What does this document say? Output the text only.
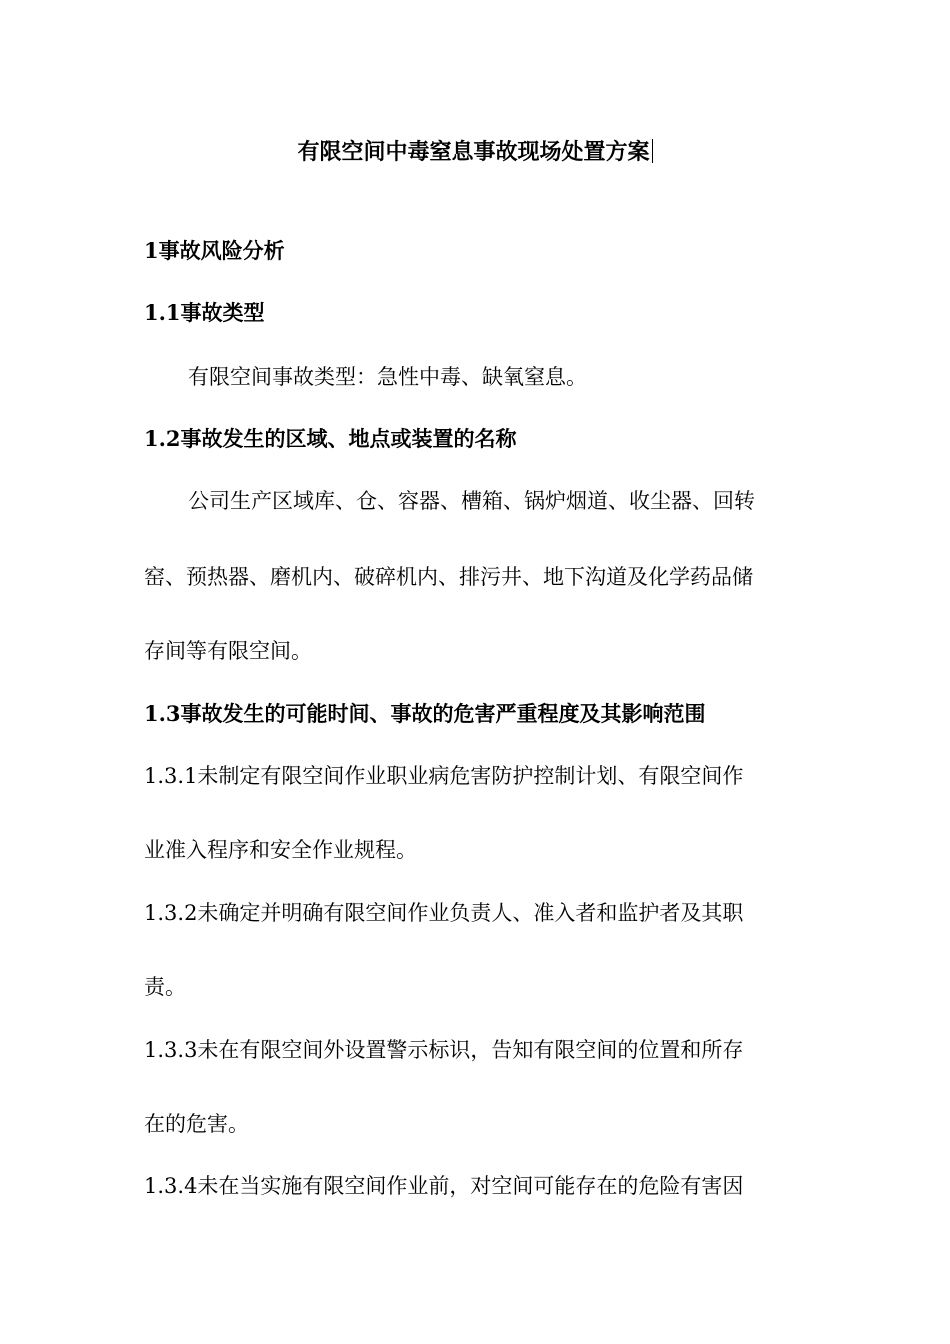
有限空间中毒窒息事故现场处置方案
1事故风险分析
1.1事故类型
有限空间事故类型：急性中毒、缺氧窒息。
1.2事故发生的区域、地点或装置的名称
公司生产区域库、仓、容器、槽箱、锅炉烟道、收尘器、回转
窑、预热器、磨机内、破碎机内、排污井、地下沟道及化学药品储
存间等有限空间。
1.3事故发生的可能时间、事故的危害严重程度及其影响范围
1.3.1未制定有限空间作业职业病危害防护控制计划、有限空间作
业准入程序和安全作业规程。
1.3.2未确定并明确有限空间作业负责人、准入者和监护者及其职
责。
1.3.3未在有限空间外设置警示标识，告知有限空间的位置和所存
在的危害。
1.3.4未在当实施有限空间作业前，对空间可能存在的危险有害因
